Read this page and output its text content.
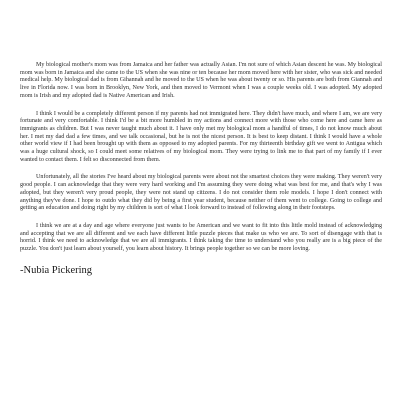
My biological mother's mom was from Jamaica and her father was actually Asian. I'm not sure of which Asian descent he was. My biological mom was born in Jamaica and she came to the US when she was nine or ten because her mom moved here with her sister, who was sick and needed medical help. My biological dad is from Gihannah and he moved to the US when he was about twenty or so. His parents are both from Giannah and live in Florida now. I was born in Brooklyn, New York, and then moved to Vermont when I was a couple weeks old. I was adopted. My adopted mom is Irish and my adopted dad is Native American and Irish.

I think I would be a completely different person if my parents had not immigrated here. They didn't have much, and where I am, we are very fortunate and very comfortable. I think I'd be a bit more humbled in my actions and connect more with those who come here and came here as immigrants as children. But I was never taught much about it. I have only met my biological mom a handful of times, I do not know much about her. I met my dad dad a few times, and we talk occasional, but he is not the nicest person. It is best to keep distant. I think I would have a whole other world view if I had been brought up with them as opposed to my adopted parents. For my thirteenth birthday gift we went to Antigua which was a huge cultural shock, so I could meet some relatives of my biological mom. They were trying to link me to that part of my family if I ever wanted to contact them. I felt so disconnected from them.

Unfortunately, all the stories I've heard about my biological parents were about not the smartest choices they were making. They weren't very good people. I can acknowledge that they were very hard working and I'm assuming they were doing what was best for me, and that's why I was adopted, but they weren't very proud people, they were not stand up citizens. I do not consider them role models. I hope I don't connect with anything they've done. I hope to outdo what they did by being a first year student, because neither of them went to college. Going to college and getting an education and doing right by my children is sort of what I look forward to instead of following along in their footsteps.

I think we are at a day and age where everyone just wants to be American and we want to fit into this little mold instead of acknowledging and accepting that we are all different and we each have different little puzzle pieces that make us who we are. To sort of disengage with that is horrid. I think we need to acknowledge that we are all immigrants. I think taking the time to understand who you really are is a big piece of the puzzle. You don't just learn about yourself, you learn about history. It brings people together so we can be more loving.

-Nubia Pickering
